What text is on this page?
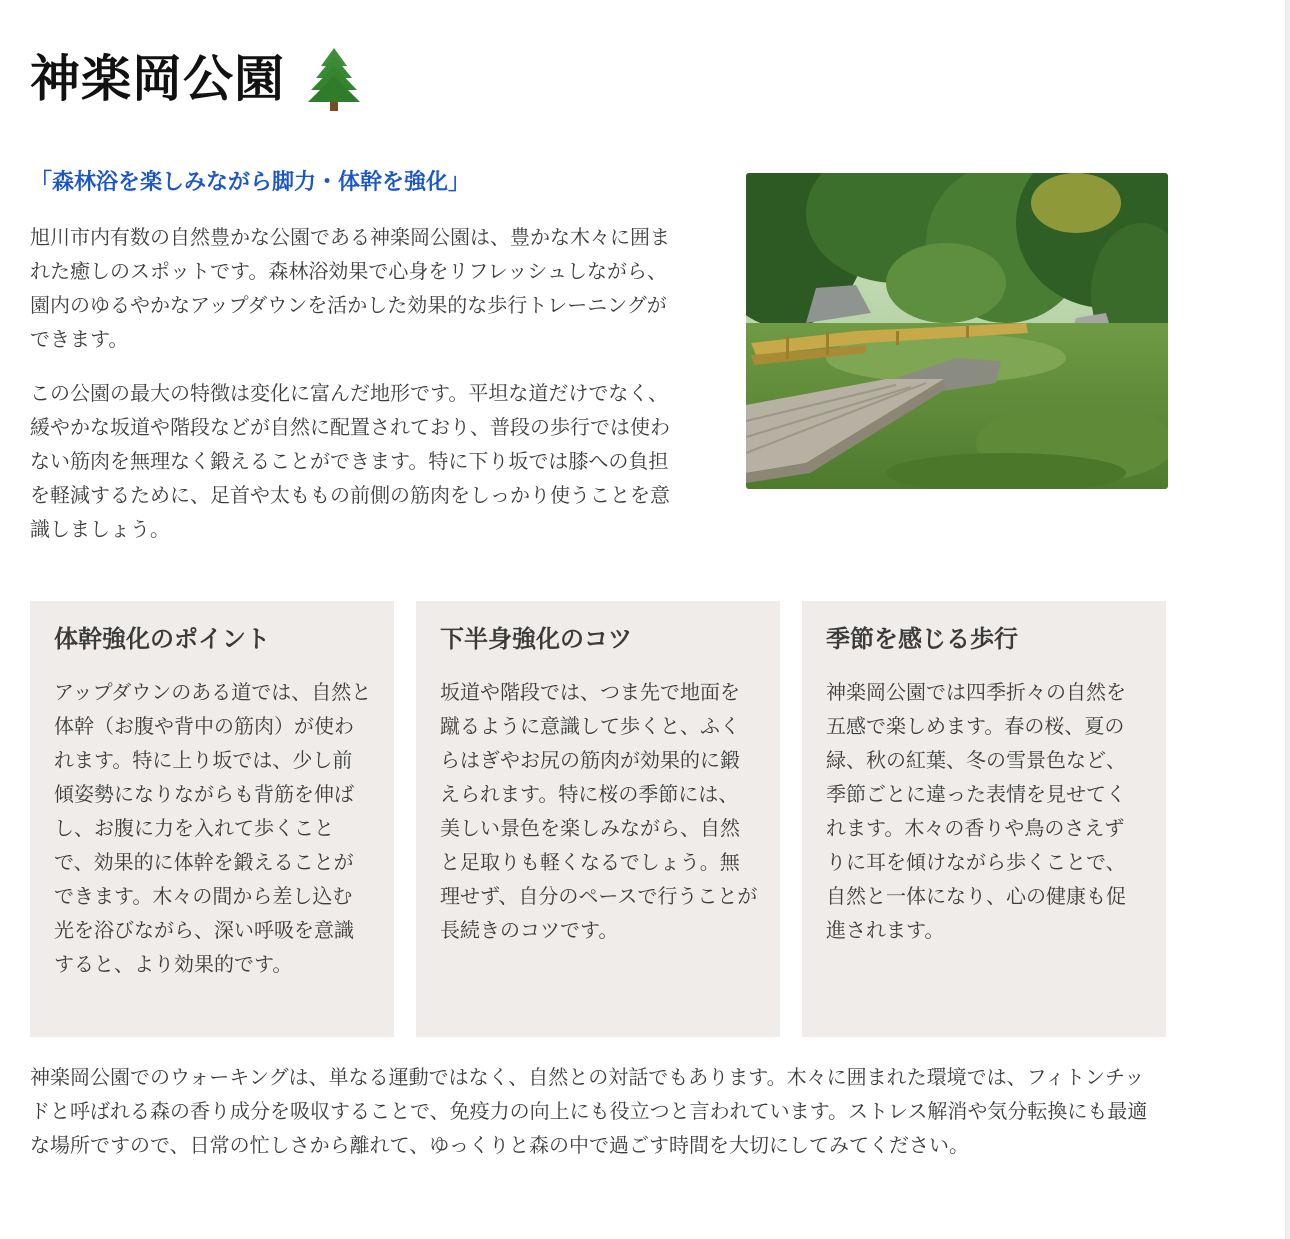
神楽岡公園

「森林浴を楽しみながら脚力・体幹を強化」

旭川市内有数の自然豊かな公園である神楽岡公園は、豊かな木々に囲まれた癒しのスポットです。森林浴効果で心身をリフレッシュしながら、園内のゆるやかなアップダウンを活かした効果的な歩行トレーニングができます。

この公園の最大の特徴は変化に富んだ地形です。平坦な道だけでなく、緩やかな坂道や階段などが自然に配置されており、普段の歩行では使わない筋肉を無理なく鍛えることができます。特に下り坂では膝への負担を軽減するために、足首や太ももの前側の筋肉をしっかり使うことを意識しましょう。

体幹強化のポイント

アップダウンのある道では、自然と体幹（お腹や背中の筋肉）が使われます。特に上り坂では、少し前傾姿勢になりながらも背筋を伸ばし、お腹に力を入れて歩くことで、効果的に体幹を鍛えることができます。木々の間から差し込む光を浴びながら、深い呼吸を意識すると、より効果的です。

下半身強化のコツ

坂道や階段では、つま先で地面を蹴るように意識して歩くと、ふくらはぎやお尻の筋肉が効果的に鍛えられます。特に桜の季節には、美しい景色を楽しみながら、自然と足取りも軽くなるでしょう。無理せず、自分のペースで行うことが長続きのコツです。

季節を感じる歩行

神楽岡公園では四季折々の自然を五感で楽しめます。春の桜、夏の緑、秋の紅葉、冬の雪景色など、季節ごとに違った表情を見せてくれます。木々の香りや鳥のさえずりに耳を傾けながら歩くことで、自然と一体になり、心の健康も促進されます。

神楽岡公園でのウォーキングは、単なる運動ではなく、自然との対話でもあります。木々に囲まれた環境では、フィトンチッドと呼ばれる森の香り成分を吸収することで、免疫力の向上にも役立つと言われています。ストレス解消や気分転換にも最適な場所ですので、日常の忙しさから離れて、ゆっくりと森の中で過ごす時間を大切にしてみてください。
